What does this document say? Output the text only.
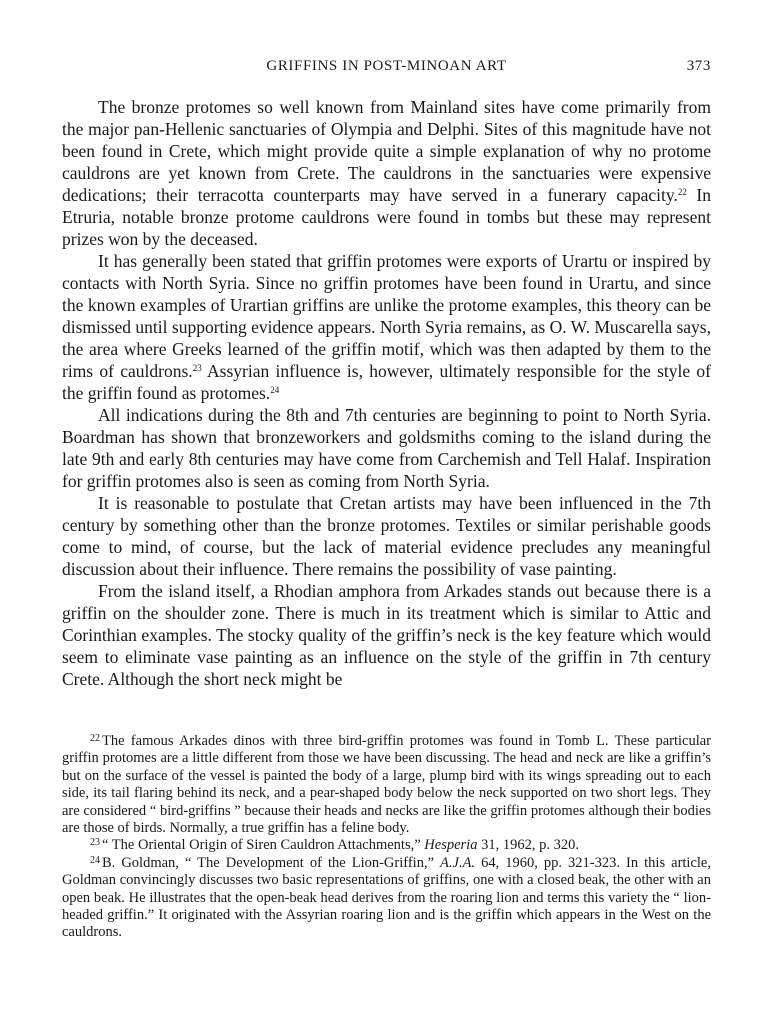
GRIFFINS IN POST-MINOAN ART	373

The bronze protomes so well known from Mainland sites have come primarily from the major pan-Hellenic sanctuaries of Olympia and Delphi. Sites of this magnitude have not been found in Crete, which might provide quite a simple explanation of why no protome cauldrons are yet known from Crete. The cauldrons in the sanctuaries were expensive dedications; their terracotta counterparts may have served in a funerary capacity.$^{22}$ In Etruria, notable bronze protome cauldrons were found in tombs but these may represent prizes won by the deceased.

It has generally been stated that griffin protomes were exports of Urartu or inspired by contacts with North Syria. Since no griffin protomes have been found in Urartu, and since the known examples of Urartian griffins are unlike the protome examples, this theory can be dismissed until supporting evidence appears. North Syria remains, as O. W. Muscarella says, the area where Greeks learned of the griffin motif, which was then adapted by them to the rims of cauldrons.$^{23}$ Assyrian influence is, however, ultimately responsible for the style of the griffin found as protomes.$^{24}$

All indications during the 8th and 7th centuries are beginning to point to North Syria. Boardman has shown that bronzeworkers and goldsmiths coming to the island during the late 9th and early 8th centuries may have come from Carchemish and Tell Halaf. Inspiration for griffin protomes also is seen as coming from North Syria.

It is reasonable to postulate that Cretan artists may have been influenced in the 7th century by something other than the bronze protomes. Textiles or similar perishable goods come to mind, of course, but the lack of material evidence precludes any meaningful discussion about their influence. There remains the possibility of vase painting.

From the island itself, a Rhodian amphora from Arkades stands out because there is a griffin on the shoulder zone. There is much in its treatment which is similar to Attic and Corinthian examples. The stocky quality of the griffin’s neck is the key feature which would seem to eliminate vase painting as an influence on the style of the griffin in 7th century Crete. Although the short neck might be

$^{22}$ The famous Arkades dinos with three bird-griffin protomes was found in Tomb L. These particular griffin protomes are a little different from those we have been discussing. The head and neck are like a griffin’s but on the surface of the vessel is painted the body of a large, plump bird with its wings spreading out to each side, its tail flaring behind its neck, and a pear-shaped body below the neck supported on two short legs. They are considered “ bird-griffins ” because their heads and necks are like the griffin protomes although their bodies are those of birds. Normally, a true griffin has a feline body.

$^{23}$ “ The Oriental Origin of Siren Cauldron Attachments,” Hesperia 31, 1962, p. 320.

$^{24}$ B. Goldman, “ The Development of the Lion-Griffin,” A.J.A. 64, 1960, pp. 321-323. In this article, Goldman convincingly discusses two basic representations of griffins, one with a closed beak, the other with an open beak. He illustrates that the open-beak head derives from the roaring lion and terms this variety the “ lion-headed griffin.” It originated with the Assyrian roaring lion and is the griffin which appears in the West on the cauldrons.
